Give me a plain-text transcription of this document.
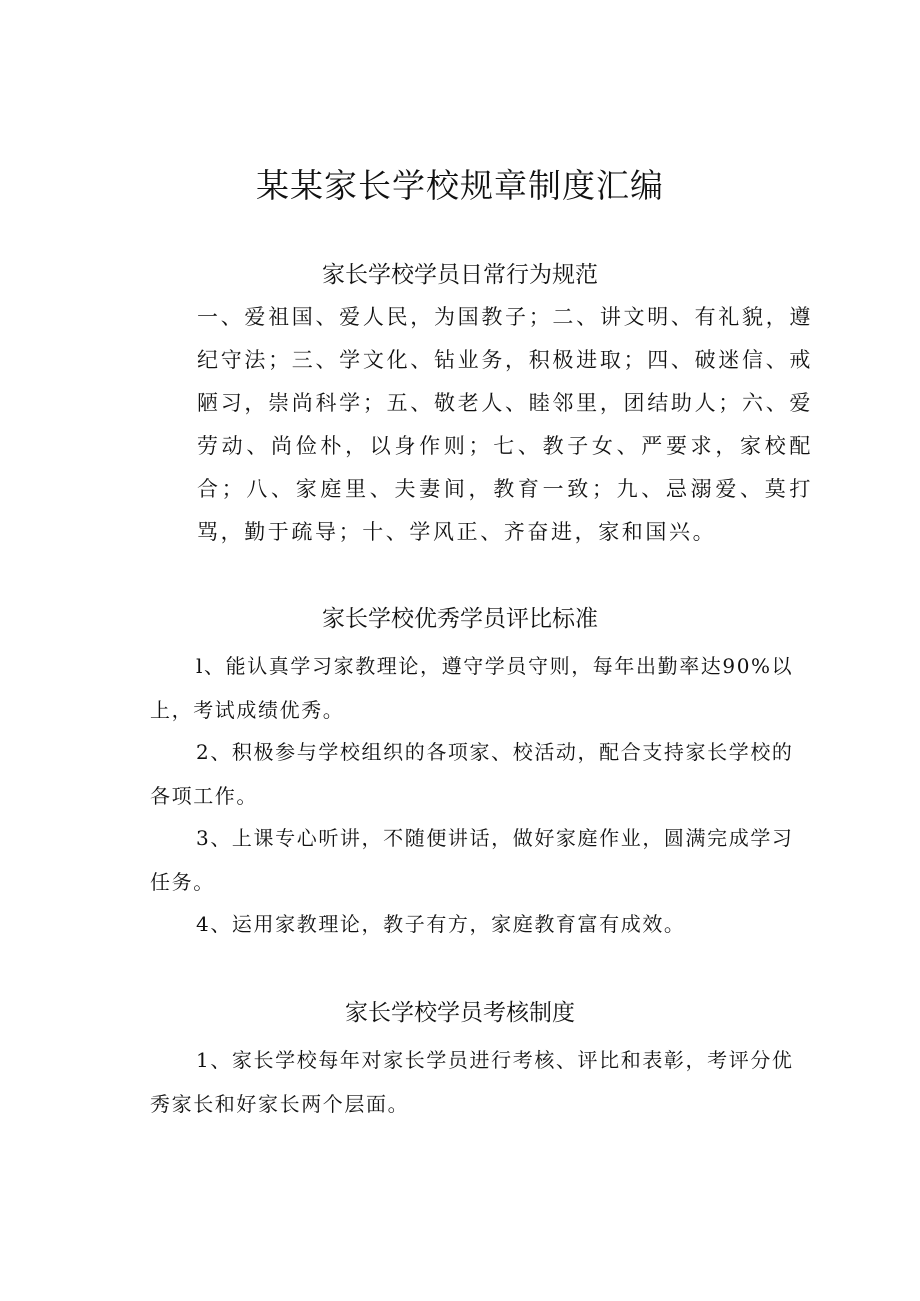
某某家长学校规章制度汇编
家长学校学员日常行为规范

一、爱祖国、爱人民，为国教子；二、讲文明、有礼貌，遵纪守法；三、学文化、钻业务，积极进取；四、破迷信、戒陋习，崇尚科学；五、敬老人、睦邻里，团结助人；六、爱劳动、尚俭朴，以身作则；七、教子女、严要求，家校配合；八、家庭里、夫妻间，教育一致；九、忌溺爱、莫打骂，勤于疏导；十、学风正、齐奋进，家和国兴。

家长学校优秀学员评比标准

l、能认真学习家教理论，遵守学员守则，每年出勤率达90%以上，考试成绩优秀。

2、积极参与学校组织的各项家、校活动，配合支持家长学校的各项工作。

3、上课专心听讲，不随便讲话，做好家庭作业，圆满完成学习任务。

4、运用家教理论，教子有方，家庭教育富有成效。

家长学校学员考核制度

1、家长学校每年对家长学员进行考核、评比和表彰，考评分优秀家长和好家长两个层面。
